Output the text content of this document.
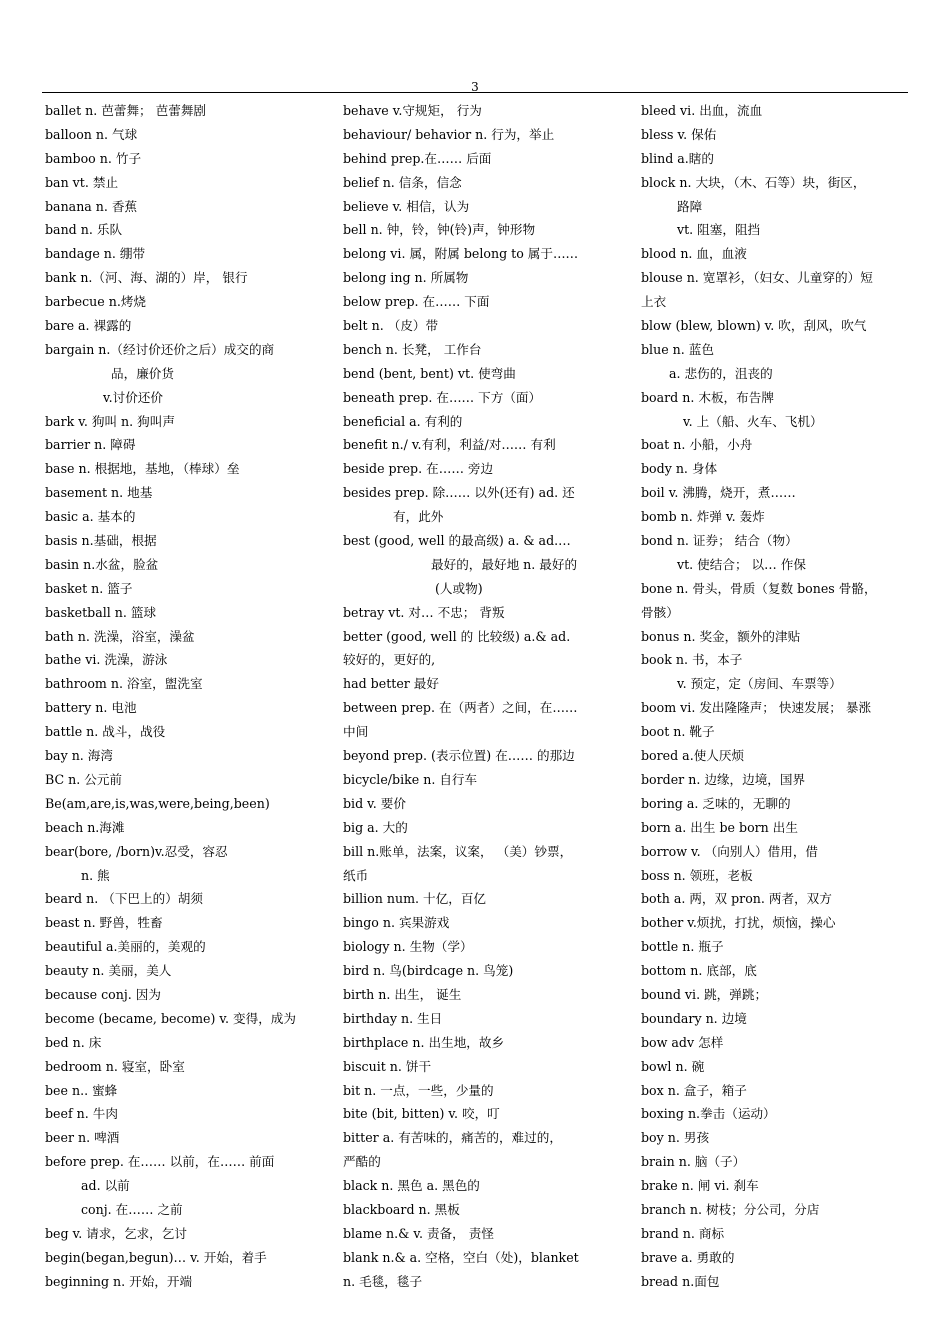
3
ballet n. 芭蕾舞； 芭蕾舞剧
balloon n. 气球
bamboo n. 竹子
ban vt. 禁止
banana n. 香蕉
band n. 乐队
bandage n. 绷带
bank n.（河、海、湖的）岸， 银行
barbecue n.烤烧
bare a. 裸露的
bargain n.（经讨价还价之后）成交的商
品，廉价货
v.讨价还价
bark v. 狗叫 n. 狗叫声
barrier n. 障碍
base n. 根据地，基地，（棒球）垒
basement n. 地基
basic a. 基本的
basis n.基础，根据
basin n.水盆，脸盆
basket n. 篮子
basketball n. 篮球
bath n. 洗澡，浴室，澡盆
bathe vi. 洗澡，游泳
bathroom n. 浴室，盥洗室
battery n. 电池
battle n. 战斗，战役
bay n. 海湾
BC n. 公元前
Be(am,are,is,was,were,being,been)
beach n.海滩
bear(bore, /born)v.忍受，容忍
n. 熊
beard n. （下巴上的）胡须
beast n. 野兽，牲畜
beautiful a.美丽的，美观的
beauty n. 美丽，美人
because conj. 因为
become (became, become) v. 变得，成为
bed n. 床
bedroom n. 寝室，卧室
bee n.. 蜜蜂
beef n. 牛肉
beer n. 啤酒
before prep. 在…… 以前，在…… 前面
ad. 以前
conj. 在…… 之前
beg v. 请求，乞求，乞讨
begin(began,begun)… v. 开始，着手
beginning n. 开始，开端
behave v.守规矩， 行为
behaviour/ behavior n. 行为，举止
behind prep.在…… 后面
belief n. 信条，信念
believe v. 相信，认为
bell n. 钟，铃，钟(铃)声，钟形物
belong vi. 属，附属 belong to 属于……
belong ing n. 所属物
below prep. 在…… 下面
belt n. （皮）带
bench n. 长凳， 工作台
bend (bent, bent) vt. 使弯曲
beneath prep. 在…… 下方（面）
beneficial a. 有利的
benefit n./ v.有利，利益/对…… 有利
beside prep. 在…… 旁边
besides prep. 除…… 以外(还有) ad. 还
有，此外
best (good, well 的最高级) a. & ad.…
最好的，最好地 n. 最好的
(人或物)
betray vt. 对… 不忠； 背叛
better (good, well 的 比较级) a.& ad.
较好的，更好的,
had better 最好
between prep. 在（两者）之间，在……
中间
beyond prep. (表示位置) 在…… 的那边
bicycle/bike n. 自行车
bid v. 要价
big a. 大的
bill n.账单，法案，议案， （美）钞票，
纸币
billion num. 十亿，百亿
bingo n. 宾果游戏
biology n. 生物（学）
bird n. 鸟(birdcage n. 鸟笼)
birth n. 出生， 诞生
birthday n. 生日
birthplace n. 出生地，故乡
biscuit n. 饼干
bit n. 一点，一些，少量的
bite (bit, bitten) v. 咬，叮
bitter a. 有苦味的，痛苦的，难过的，
严酷的
black n. 黑色 a. 黑色的
blackboard n. 黑板
blame n.& v. 责备， 责怪
blank n.& a. 空格，空白（处)，blanket
n. 毛毯，毯子
bleed vi. 出血，流血
bless v. 保佑
blind a.瞎的
block n. 大块，（木、石等）块，街区，
路障
vt. 阻塞，阻挡
blood n. 血，血液
blouse n. 宽罩衫，（妇女、儿童穿的）短
上衣
blow (blew, blown) v. 吹，刮风，吹气
blue n. 蓝色
a. 悲伤的，沮丧的
board n. 木板，布告牌
v. 上（船、火车、飞机）
boat n. 小船，小舟
body n. 身体
boil v. 沸腾，烧开，煮……
bomb n. 炸弹 v. 轰炸
bond n. 证券； 结合（物）
vt. 使结合； 以… 作保
bone n. 骨头，骨质（复数 bones 骨骼，
骨骸）
bonus n. 奖金，额外的津贴
book n. 书，本子
v. 预定，定（房间、车票等）
boom vi. 发出隆隆声； 快速发展； 暴涨
boot n. 靴子
bored a.使人厌烦
border n. 边缘，边境，国界
boring a. 乏味的，无聊的
born a. 出生 be born 出生
borrow v. （向别人）借用，借
boss n. 领班，老板
both a. 两，双 pron. 两者，双方
bother v.烦扰，打扰，烦恼，操心
bottle n. 瓶子
bottom n. 底部，底
bound vi. 跳，弹跳；
boundary n. 边境
bow adv 怎样
bowl n. 碗
box n. 盒子，箱子
boxing n.拳击（运动）
boy n. 男孩
brain n. 脑（子）
brake n. 闸 vi. 刹车
branch n. 树枝；分公司，分店
brand n. 商标
brave a. 勇敢的
bread n.面包
